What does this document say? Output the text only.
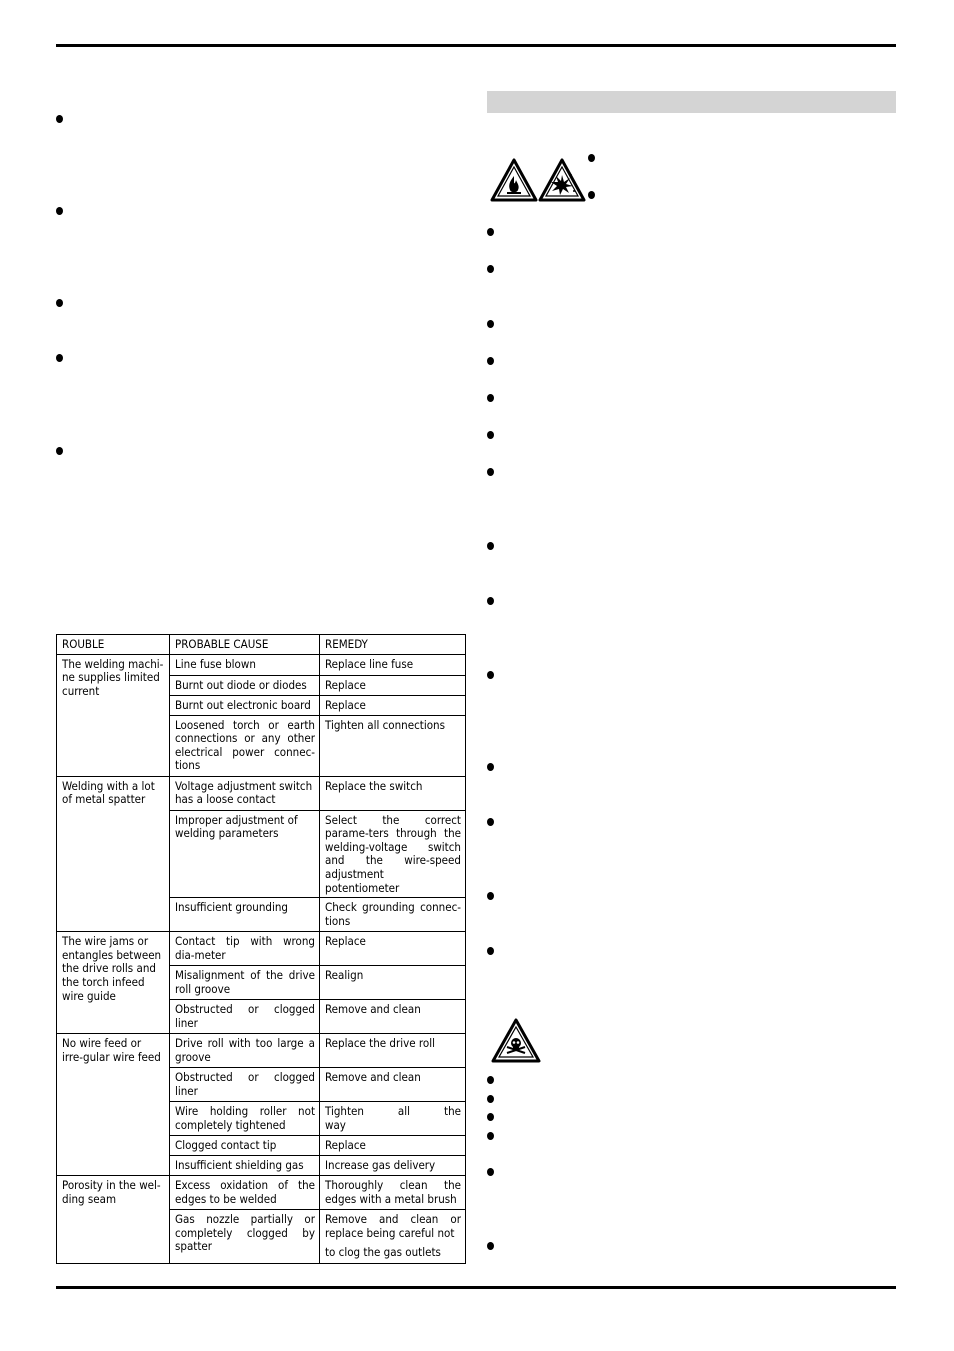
ROUBLE	PROBABLE CAUSE	REMEDY
The welding machi-ne supplies limited current	Line fuse blown	Replace line fuse
	Burnt out diode or diodes	Replace
	Burnt out electronic board	Replace
	Loosened torch or earth connections or any other electrical power connec-tions	Tighten all connections
Welding with a lot of metal spatter	Voltage adjustment switch has a loose contact	Replace the switch
	Improper adjustment of welding parameters	Select the correct parame-ters through the welding-voltage switch and the wire-speed adjustment potentiometer
	Insufficient grounding	Check grounding connec-tions
The wire jams or entangles between the drive rolls and the torch infeed wire guide	Contact tip with wrong dia-meter	Replace
	Misalignment of the drive roll groove	Realign
	Obstructed or clogged liner	Remove and clean
No wire feed or irre-gular wire feed	Drive roll with too large a groove	Replace the drive roll
	Obstructed or clogged liner	Remove and clean
	Wire holding roller not completely tightened	Tighten all the way
	Clogged contact tip	Replace
	Insufficient shielding gas	Increase gas delivery
Porosity in the wel-ding seam	Excess oxidation of the edges to be welded	Thoroughly clean the edges with a metal brush
	Gas nozzle partially or completely clogged by spatter	Remove and clean or replace being careful not
to clog the gas outlets
